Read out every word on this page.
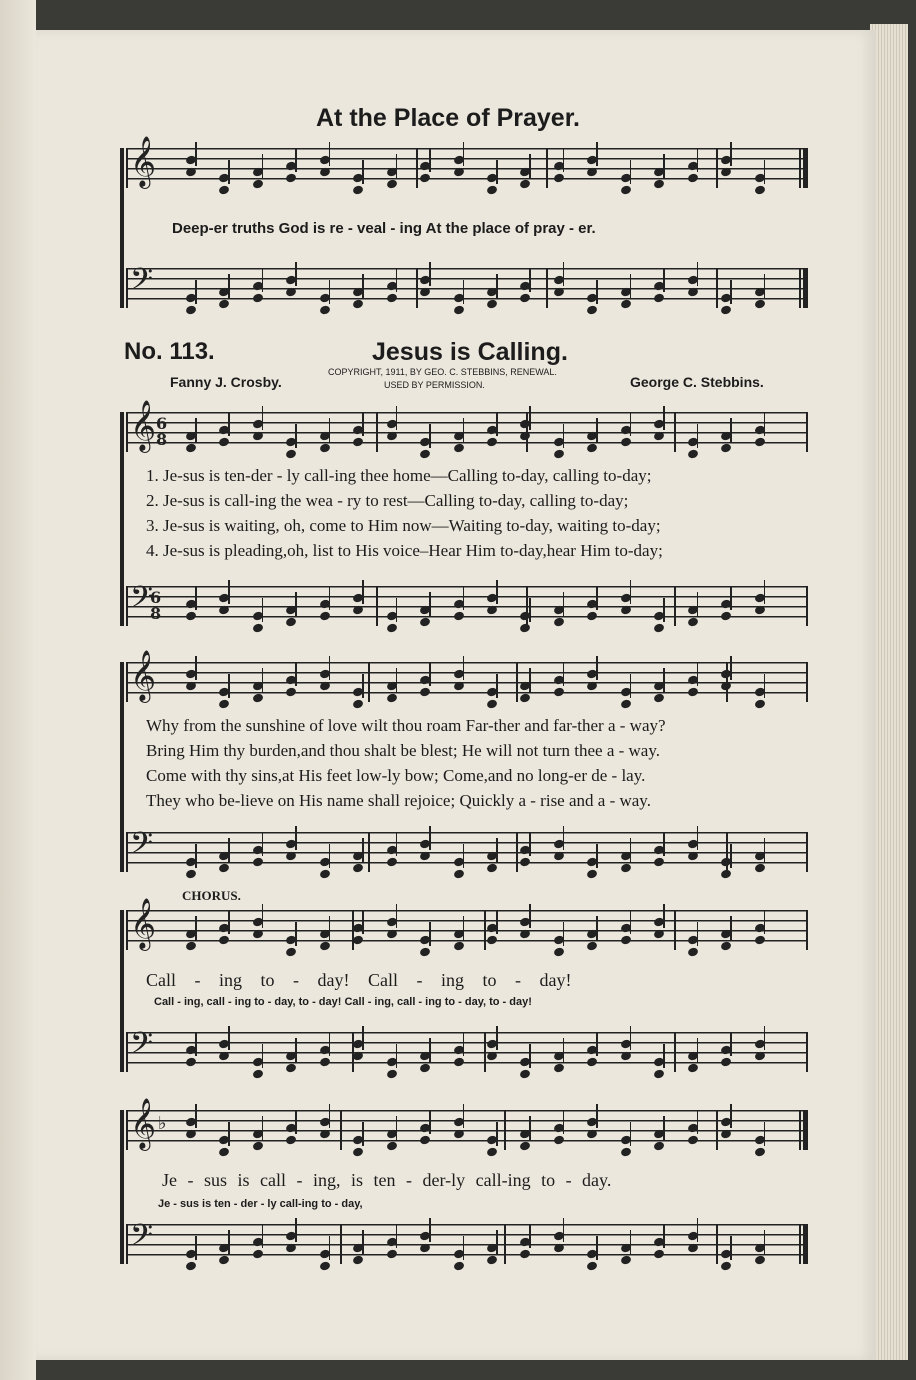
At the Place of Prayer.
𝄞
Deep-er truths God is re - veal - ing At the place of pray - er.
𝄢
No. 113.	Jesus is Calling.
Fanny J. Crosby.
COPYRIGHT, 1911, BY GEO. C. STEBBINS, RENEWAL.
USED BY PERMISSION.	George C. Stebbins.
𝄞 6
8
1. Je-sus is ten-der - ly call-ing thee home—Calling to-day, calling to-day;
2. Je-sus is call-ing the wea - ry to rest—Calling to-day, calling to-day;
3. Je-sus is waiting, oh, come to Him now—Waiting to-day, waiting to-day;
4. Je-sus is pleading,oh, list to His voice–Hear Him to-day,hear Him to-day;
𝄢
6
8
𝄞
Why from the sunshine of love wilt thou roam Far-ther and far-ther a - way?
Bring Him thy burden,and thou shalt be blest; He will not turn thee a - way.
Come with thy sins,at His feet low-ly bow; Come,and no long-er de - lay.
They who be-lieve on His name shall rejoice; Quickly a - rise and a - way.
𝄢
CHORUS.
𝄞
Call - ing to - day! Call - ing to - day!
Call - ing, call - ing to - day, to - day! Call - ing, call - ing to - day, to - day!
𝄢
𝄞 ♭
Je - sus is call - ing, is ten - der-ly call-ing to - day.
Je - sus is ten - der - ly call-ing to - day,
𝄢
